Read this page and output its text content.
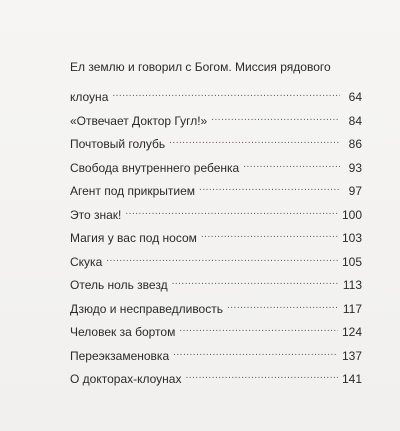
Ел землю и говорил с Богом. Миссия рядового
клоуна .....	64
«Отвечает Доктор Гугл!» .....	84
Почтовый голубь .....	86
Свобода внутреннего ребенка .....	93
Агент под прикрытием .....	97
Это знак! .....	100
Магия у вас под носом .....	103
Скука .....	105
Отель ноль звезд .....	113
Дзюдо и несправедливость .....	117
Человек за бортом .....	124
Переэкзаменовка .....	137
О докторах-клоунах .....	141
